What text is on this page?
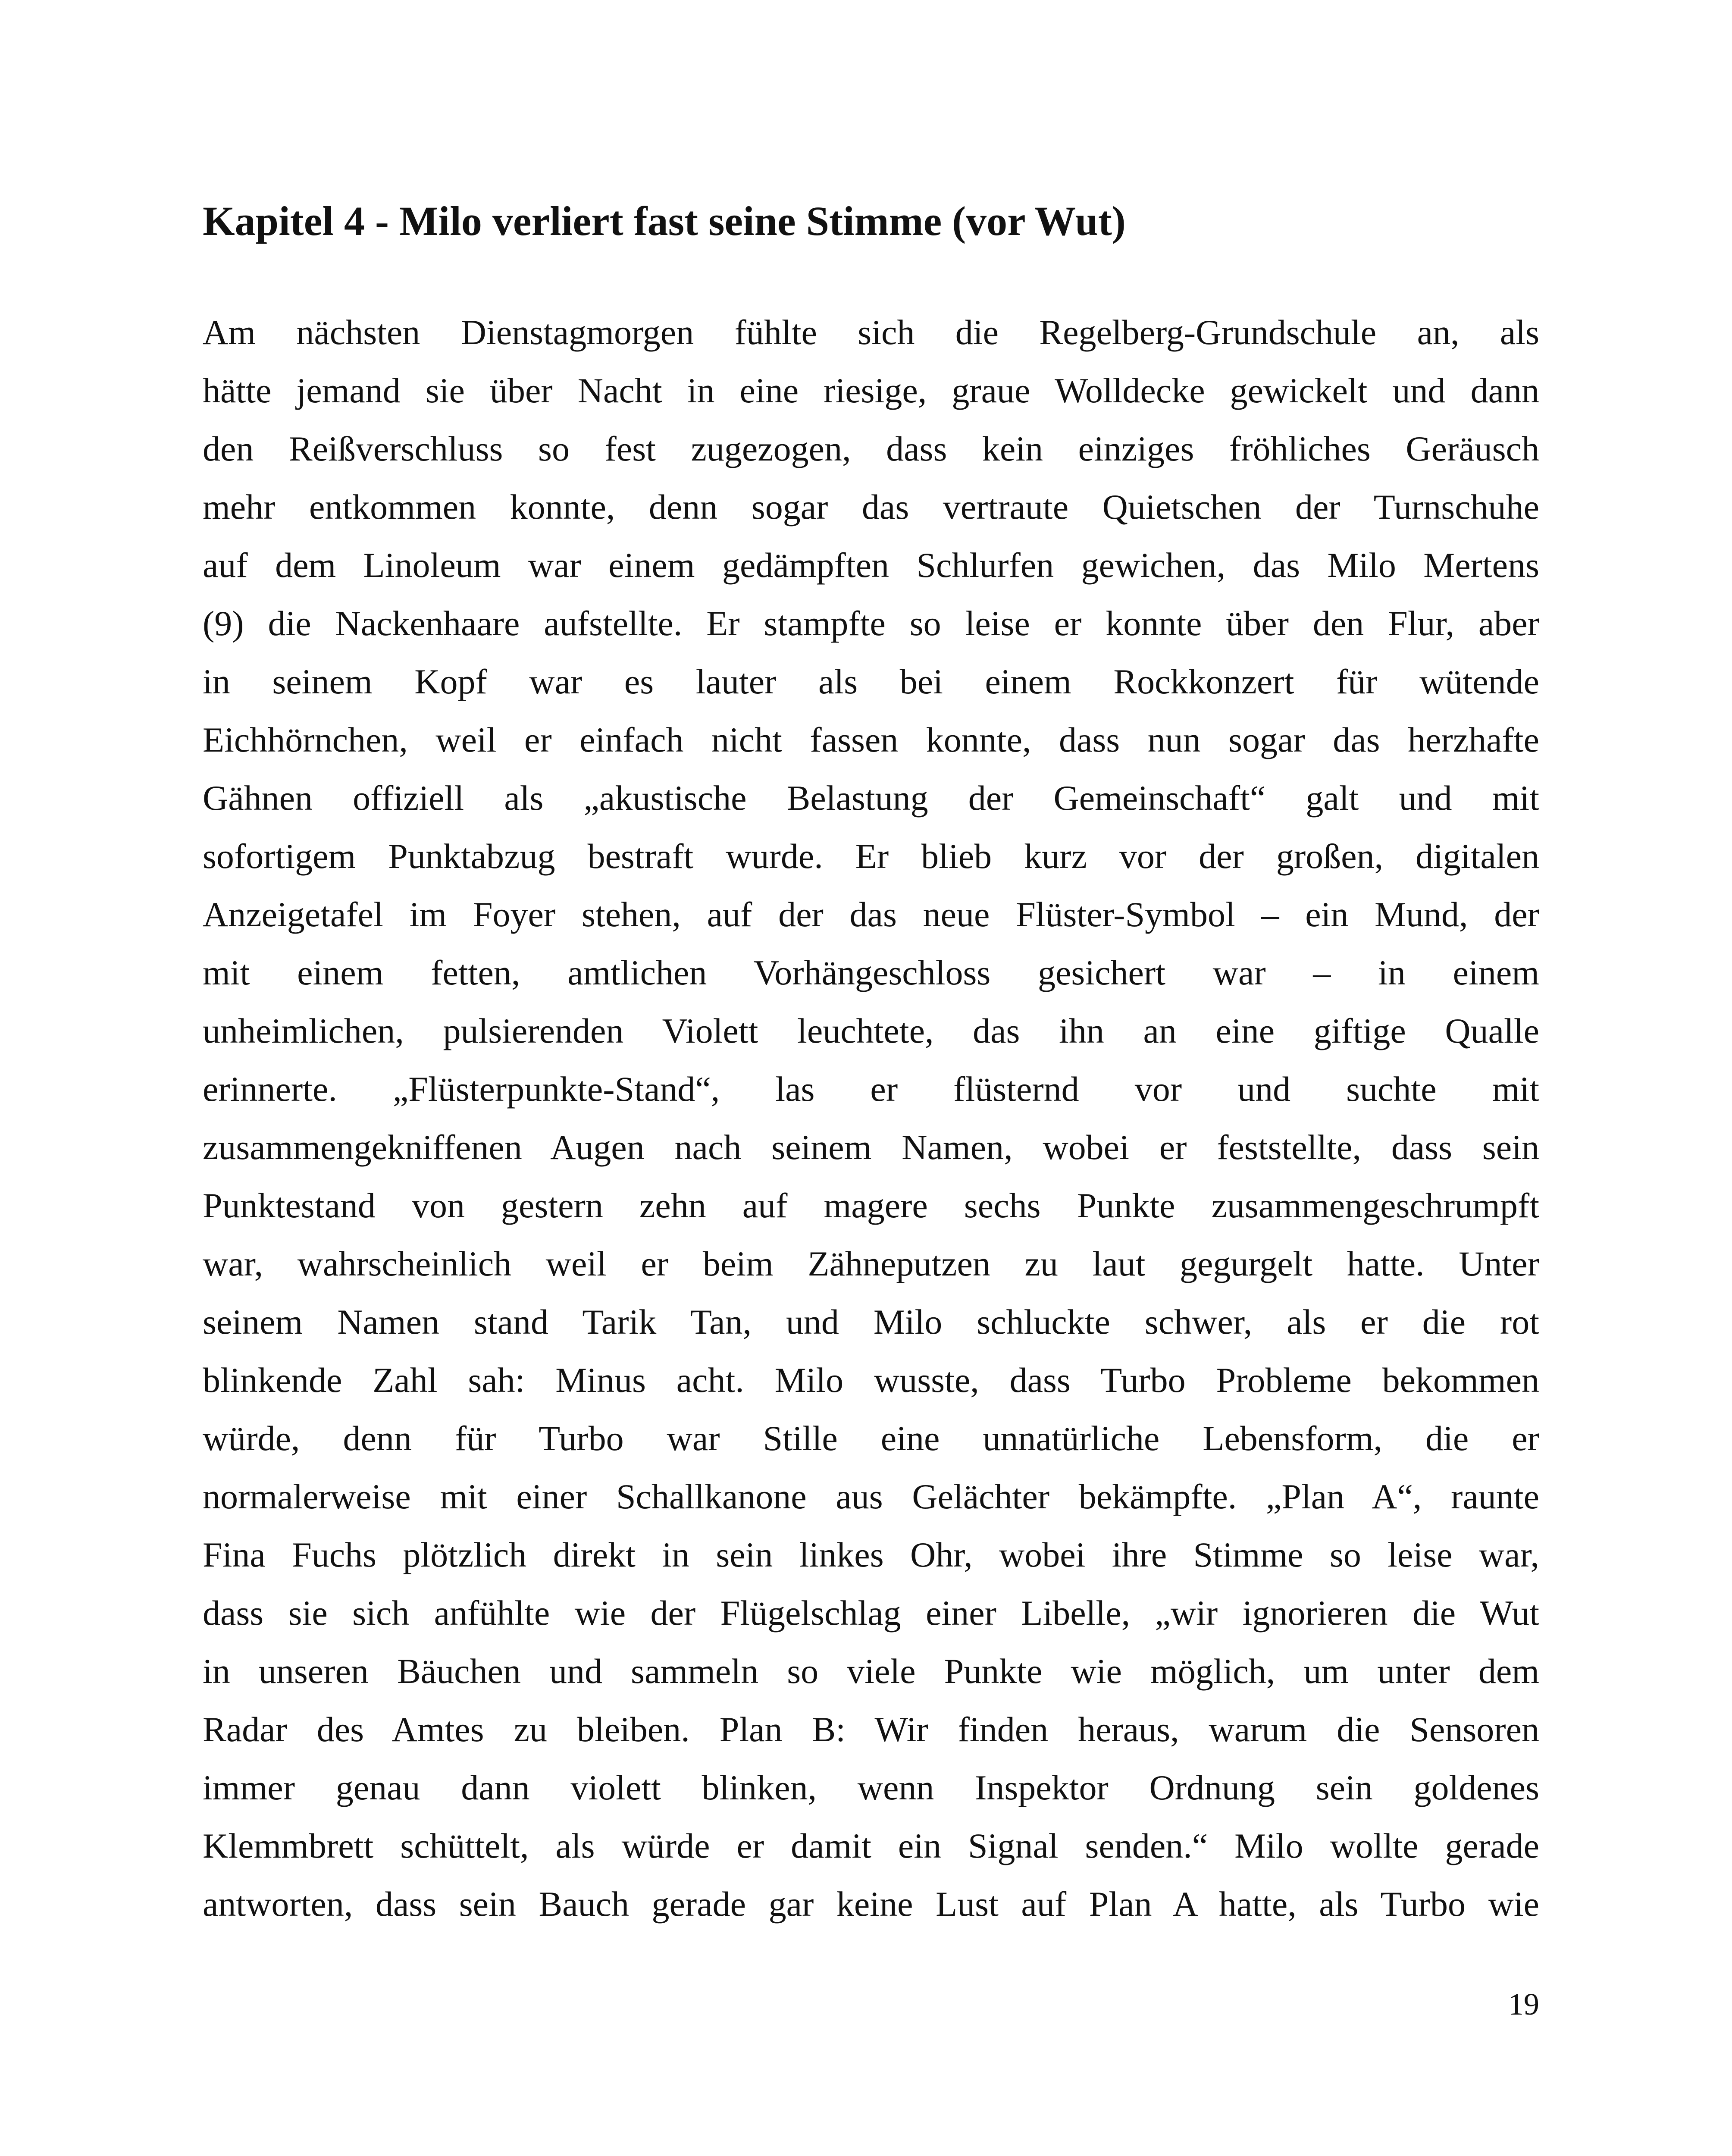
Kapitel 4 - Milo verliert fast seine Stimme (vor Wut)
Am nächsten Dienstagmorgen fühlte sich die Regelberg-Grundschule an, als
hätte jemand sie über Nacht in eine riesige, graue Wolldecke gewickelt und dann
den Reißverschluss so fest zugezogen, dass kein einziges fröhliches Geräusch
mehr entkommen konnte, denn sogar das vertraute Quietschen der Turnschuhe
auf dem Linoleum war einem gedämpften Schlurfen gewichen, das Milo Mertens
(9) die Nackenhaare aufstellte. Er stampfte so leise er konnte über den Flur, aber
in seinem Kopf war es lauter als bei einem Rockkonzert für wütende
Eichhörnchen, weil er einfach nicht fassen konnte, dass nun sogar das herzhafte
Gähnen offiziell als „akustische Belastung der Gemeinschaft“ galt und mit
sofortigem Punktabzug bestraft wurde. Er blieb kurz vor der großen, digitalen
Anzeigetafel im Foyer stehen, auf der das neue Flüster-Symbol – ein Mund, der
mit einem fetten, amtlichen Vorhängeschloss gesichert war – in einem
unheimlichen, pulsierenden Violett leuchtete, das ihn an eine giftige Qualle
erinnerte. „Flüsterpunkte-Stand“, las er flüsternd vor und suchte mit
zusammengekniffenen Augen nach seinem Namen, wobei er feststellte, dass sein
Punktestand von gestern zehn auf magere sechs Punkte zusammengeschrumpft
war, wahrscheinlich weil er beim Zähneputzen zu laut gegurgelt hatte. Unter
seinem Namen stand Tarik Tan, und Milo schluckte schwer, als er die rot
blinkende Zahl sah: Minus acht. Milo wusste, dass Turbo Probleme bekommen
würde, denn für Turbo war Stille eine unnatürliche Lebensform, die er
normalerweise mit einer Schallkanone aus Gelächter bekämpfte. „Plan A“, raunte
Fina Fuchs plötzlich direkt in sein linkes Ohr, wobei ihre Stimme so leise war,
dass sie sich anfühlte wie der Flügelschlag einer Libelle, „wir ignorieren die Wut
in unseren Bäuchen und sammeln so viele Punkte wie möglich, um unter dem
Radar des Amtes zu bleiben. Plan B: Wir finden heraus, warum die Sensoren
immer genau dann violett blinken, wenn Inspektor Ordnung sein goldenes
Klemmbrett schüttelt, als würde er damit ein Signal senden.“ Milo wollte gerade
antworten, dass sein Bauch gerade gar keine Lust auf Plan A hatte, als Turbo wie
19
